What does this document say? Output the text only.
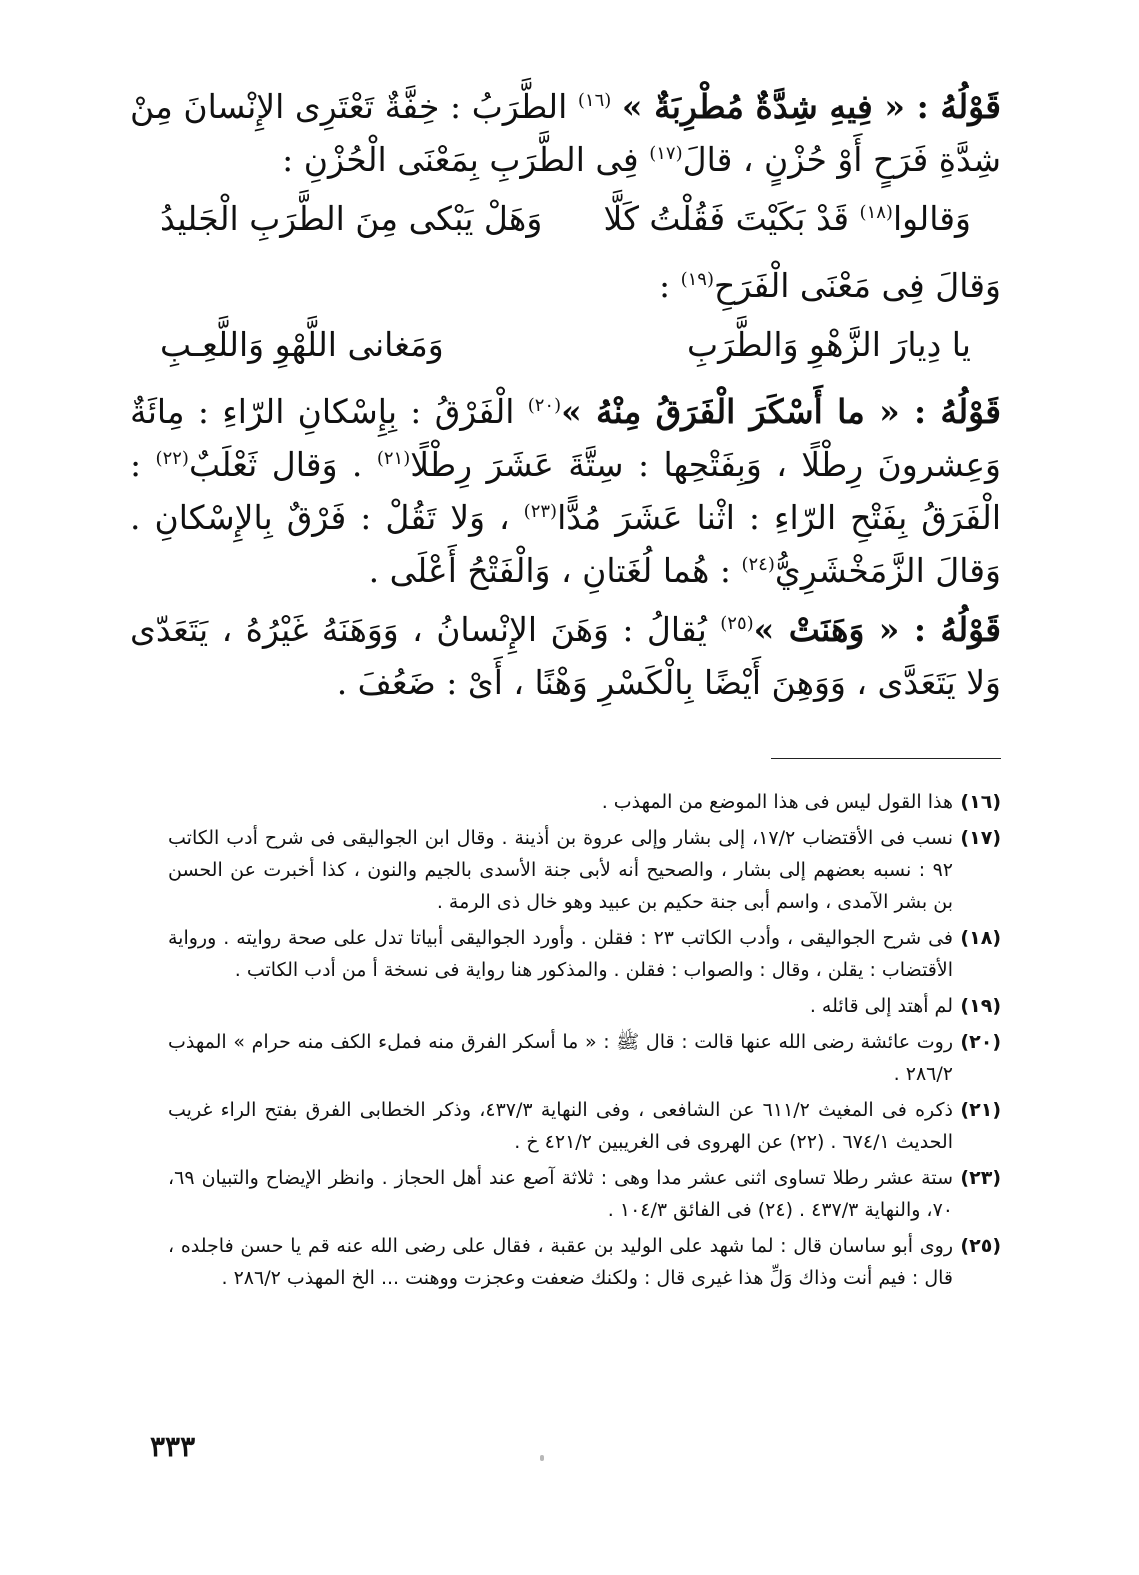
قَوْلُهُ : « فِيهِ شِدَّةٌ مُطْرِبَةٌ » $^{(١٦)}$ الطَّرَبُ : خِفَّةٌ تَعْتَرِى الإِنْسانَ مِنْ شِدَّةِ فَرَحٍ أَوْ حُزْنٍ ، قالَ$^{(١٧)}$ فِى الطَّرَبِ بِمَعْنَى الْحُزْنِ :

وَقالوا$^{(١٨)}$ قَدْ بَكَيْتَ فَقُلْتُ كَلَّا
وَهَلْ يَبْكى مِنَ الطَّرَبِ الْجَليدُ

وَقالَ فِى مَعْنَى الْفَرَحِ$^{(١٩)}$ :

يا دِيارَ الزَّهْوِ وَالطَّرَبِ
وَمَغانى اللَّهْوِ وَاللَّعِـبِ

قَوْلُهُ : « ما أَسْكَرَ الْفَرَقُ مِنْهُ »$^{(٢٠)}$ الْفَرْقُ : بِإِسْكانِ الرّاءِ : مِائَةٌ وَعِشرونَ رِطْلًا ، وَبِفَتْحِها : سِتَّةَ عَشَرَ رِطْلًا$^{(٢١)}$ . وَقال ثَعْلَبٌ$^{(٢٢)}$ : الْفَرَقُ بِفَتْحِ الرّاءِ : اثْنا عَشَرَ مُدًّا$^{(٢٣)}$ ، وَلا تَقُلْ : فَرْقٌ بِالإِسْكانِ . وَقالَ الزَّمَخْشَرِيُّ$^{(٢٤)}$ : هُما لُغَتانِ ، وَالْفَتْحُ أَعْلَى .

قَوْلُهُ : « وَهَنَتْ »$^{(٢٥)}$ يُقالُ : وَهَنَ الإِنْسانُ ، وَوَهَنَهُ غَيْرُهُ ، يَتَعَدّى وَلا يَتَعَدَّى ، وَوَهِنَ أَيْضًا بِالْكَسْرِ وَهْنًا ، أَىْ : ضَعُفَ .

(١٦)
هذا القول ليس فى هذا الموضع من المهذب .
(١٧)
نسب فى الأقتضاب ١٧/٢، إلى بشار وإلى عروة بن أذينة . وقال ابن الجواليقى فى شرح أدب الكاتب ٩٢ : نسبه بعضهم إلى بشار ، والصحيح أنه لأبى جنة الأسدى بالجيم والنون ، كذا أخبرت عن الحسن بن بشر الآمدى ، واسم أبى جنة حكيم بن عبيد وهو خال ذى الرمة .
(١٨)
فى شرح الجواليقى ، وأدب الكاتب ٢٣ : فقلن . وأورد الجواليقى أبياتا تدل على صحة روايته . ورواية الأقتضاب : يقلن ، وقال : والصواب : فقلن . والمذكور هنا رواية فى نسخة أ من أدب الكاتب .
(١٩)
لم أهتد إلى قائله .
(٢٠)
روت عائشة رضى الله عنها قالت : قال ﷺ : « ما أسكر الفرق منه فملء الكف منه حرام » المهذب ٢٨٦/٢ .
(٢١)
ذكره فى المغيث ٦١١/٢ عن الشافعى ، وفى النهاية ٤٣٧/٣، وذكر الخطابى الفرق بفتح الراء غريب الحديث ٦٧٤/١ . (٢٢) عن الهروى فى الغريبين ٤٢١/٢ خ .
(٢٣)
ستة عشر رطلا تساوى اثنى عشر مدا وهى : ثلاثة آصع عند أهل الحجاز . وانظر الإيضاح والتبيان ٦٩، ٧٠، والنهاية ٤٣٧/٣ . (٢٤) فى الفائق ١٠٤/٣ .
(٢٥)
روى أبو ساسان قال : لما شهد على الوليد بن عقبة ، فقال على رضى الله عنه قم يا حسن فاجلده ، قال : فيم أنت وذاك وَلِّ هذا غيرى قال : ولكنك ضعفت وعجزت ووهنت ... الخ المهذب ٢٨٦/٢ .
٣٣٣
